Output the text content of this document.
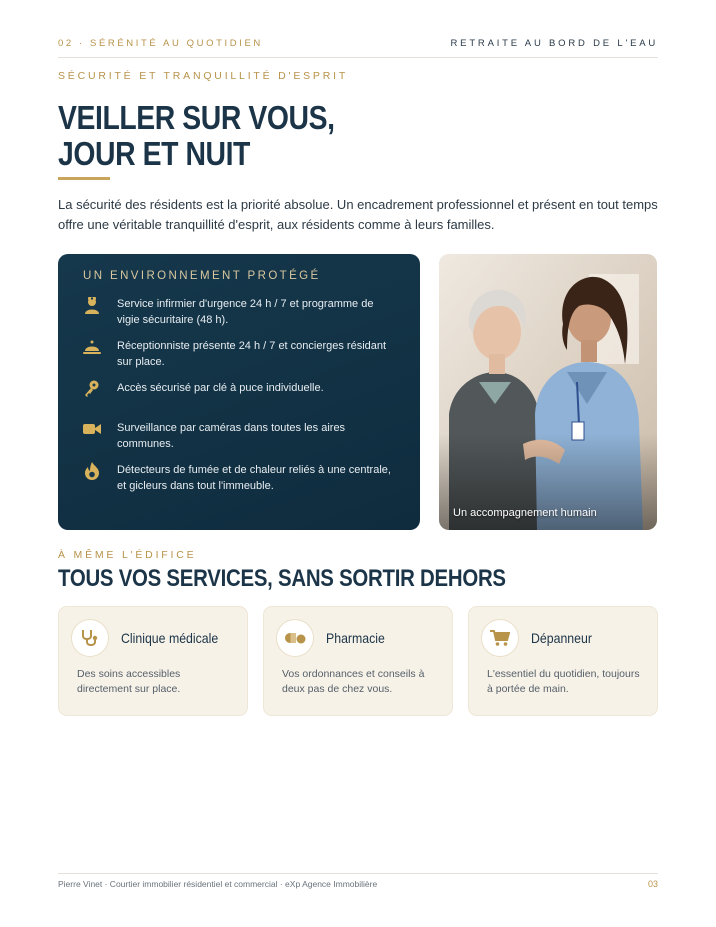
02 · SÉRÉNITÉ AU QUOTIDIEN	RETRAITE AU BORD DE L'EAU
SÉCURITÉ ET TRANQUILLITÉ D'ESPRIT
VEILLER SUR VOUS,
JOUR ET NUIT

La sécurité des résidents est la priorité absolue. Un encadrement professionnel et présent en tout temps offre une véritable tranquillité d'esprit, aux résidents comme à leurs familles.

UN ENVIRONNEMENT PROTÉGÉ
Service infirmier d'urgence 24 h / 7 et programme de vigie sécuritaire (48 h).
Réceptionniste présente 24 h / 7 et concierges résidant sur place.
Accès sécurisé par clé à puce individuelle.
Surveillance par caméras dans toutes les aires communes.
Détecteurs de fumée et de chaleur reliés à une centrale, et gicleurs dans tout l'immeuble.
Un accompagnement humain
À MÊME L'ÉDIFICE
TOUS VOS SERVICES, SANS SORTIR DEHORS
Clinique médicale

Des soins accessibles directement sur place.

Pharmacie

Vos ordonnances et conseils à deux pas de chez vous.

Dépanneur

L'essentiel du quotidien, toujours à portée de main.

Pierre Vinet · Courtier immobilier résidentiel et commercial · eXp Agence Immobilière	03
